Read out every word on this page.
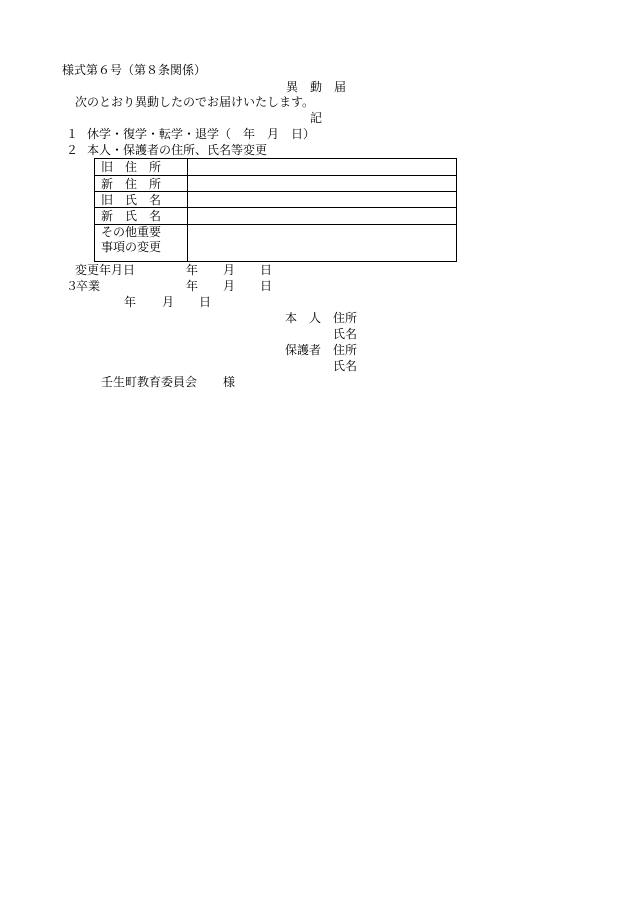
様式第６号（第８条関係）
異　動　届
次のとおり異動したのでお届けいたします。
記
１ 休学・復学・転学・退学（　年　月　日）
２ 本人・保護者の住所、氏名等変更
旧　住　所
新　住　所
旧　氏　名
新　氏　名
その他重要
事項の変更
変更年月日	年 月 日
３
卒業	年 月 日
年 月 日
本　人 住所
氏名
保護者 住所
氏名
壬生町教育委員会 様
